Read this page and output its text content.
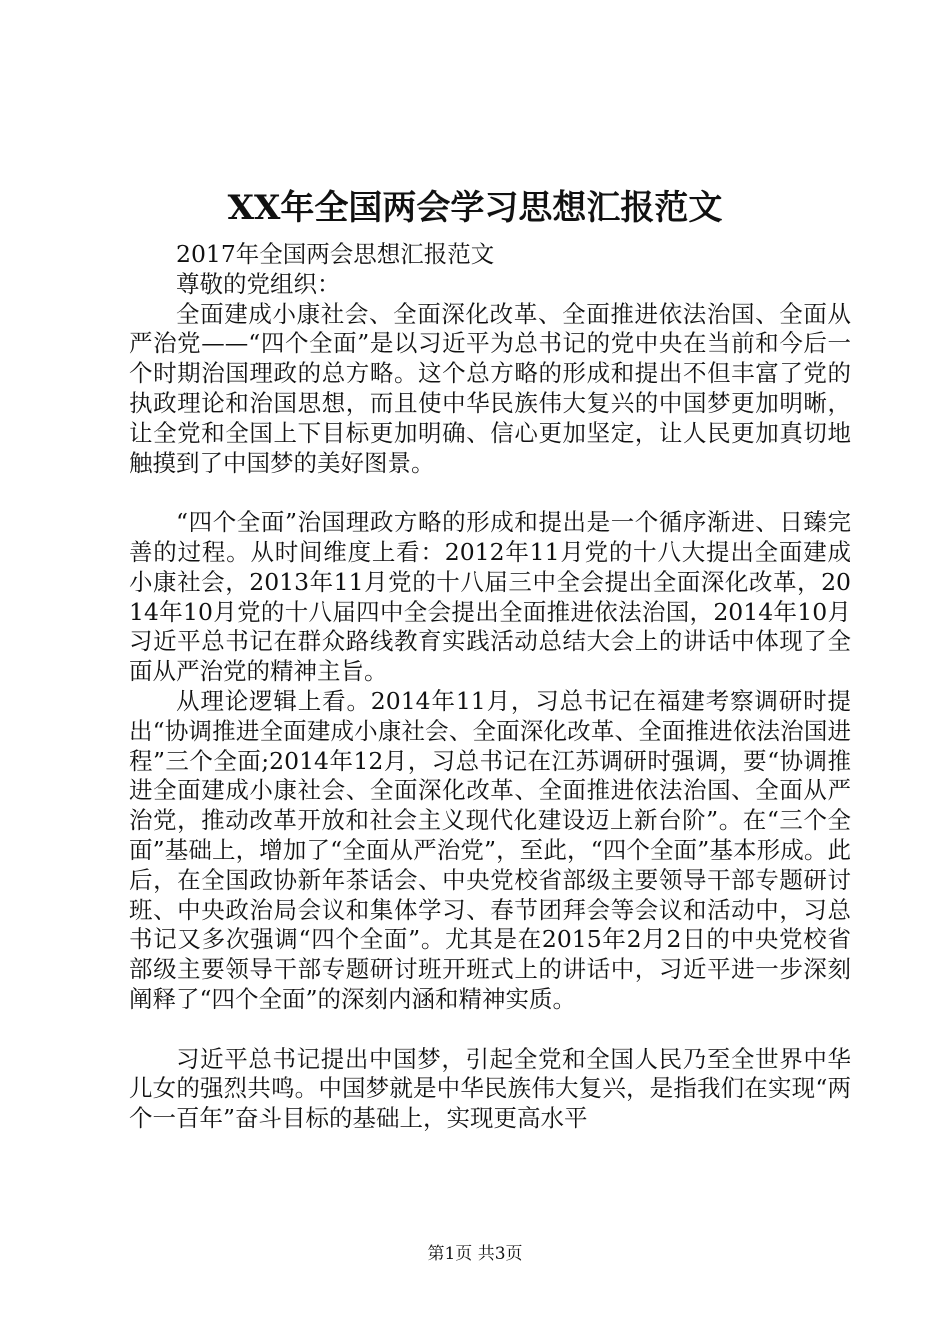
XX年全国两会学习思想汇报范文

2017年全国两会思想汇报范文

尊敬的党组织：

全面建成小康社会、全面深化改革、全面推进依法治国、全面从严治党——“四个全面”是以习近平为总书记的党中央在当前和今后一个时期治国理政的总方略。这个总方略的形成和提出不但丰富了党的执政理论和治国思想，而且使中华民族伟大复兴的中国梦更加明晰，让全党和全国上下目标更加明确、信心更加坚定，让人民更加真切地触摸到了中国梦的美好图景。

“四个全面”治国理政方略的形成和提出是一个循序渐进、日臻完善的过程。从时间维度上看：2012年11月党的十八大提出全面建成小康社会，2013年11月党的十八届三中全会提出全面深化改革，2014年10月党的十八届四中全会提出全面推进依法治国，2014年10月习近平总书记在群众路线教育实践活动总结大会上的讲话中体现了全面从严治党的精神主旨。

从理论逻辑上看。2014年11月，习总书记在福建考察调研时提出“协调推进全面建成小康社会、全面深化改革、全面推进依法治国进程”三个全面;2014年12月，习总书记在江苏调研时强调，要“协调推进全面建成小康社会、全面深化改革、全面推进依法治国、全面从严治党，推动改革开放和社会主义现代化建设迈上新台阶”。在“三个全面”基础上，增加了“全面从严治党”，至此，“四个全面”基本形成。此后，在全国政协新年茶话会、中央党校省部级主要领导干部专题研讨班、中央政治局会议和集体学习、春节团拜会等会议和活动中，习总书记又多次强调“四个全面”。尤其是在2015年2月2日的中央党校省部级主要领导干部专题研讨班开班式上的讲话中，习近平进一步深刻阐释了“四个全面”的深刻内涵和精神实质。

习近平总书记提出中国梦，引起全党和全国人民乃至全世界中华儿女的强烈共鸣。中国梦就是中华民族伟大复兴，是指我们在实现“两个一百年”奋斗目标的基础上，实现更高水平

第1页 共3页
